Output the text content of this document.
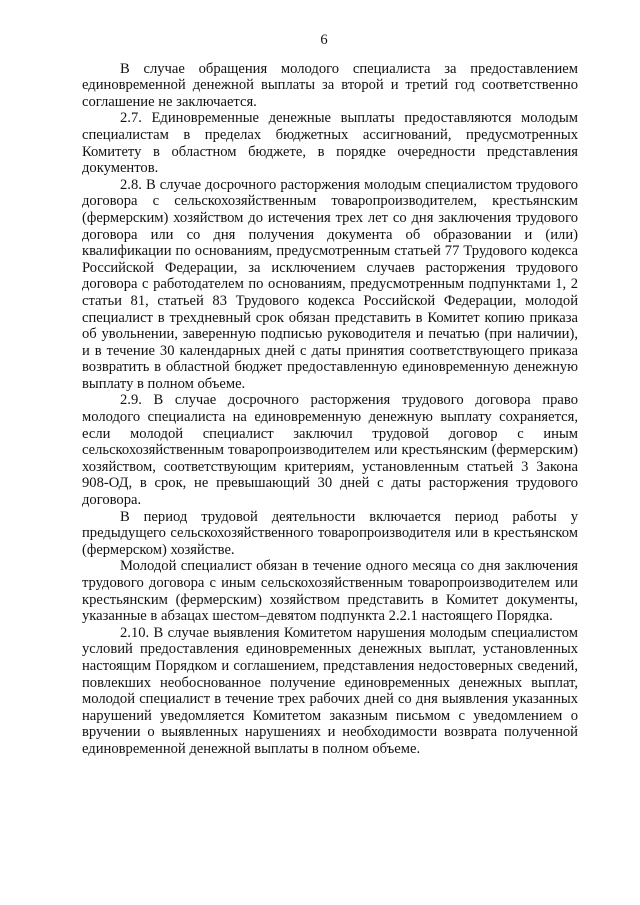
6

В случае обращения молодого специалиста за предоставлением единовременной денежной выплаты за второй и третий год соответственно соглашение не заключается.

2.7. Единовременные денежные выплаты предоставляются молодым специалистам в пределах бюджетных ассигнований, предусмотренных Комитету в областном бюджете, в порядке очередности представления документов.

2.8. В случае досрочного расторжения молодым специалистом трудового договора с сельскохозяйственным товаропроизводителем, крестьянским (фермерским) хозяйством до истечения трех лет со дня заключения трудового договора или со дня получения документа об образовании и (или) квалификации по основаниям, предусмотренным статьей 77 Трудового кодекса Российской Федерации, за исключением случаев расторжения трудового договора с работодателем по основаниям, предусмотренным подпунктами 1, 2 статьи 81, статьей 83 Трудового кодекса Российской Федерации, молодой специалист в трехдневный срок обязан представить в Комитет копию приказа об увольнении, заверенную подписью руководителя и печатью (при наличии), и в течение 30 календарных дней с даты принятия соответствующего приказа возвратить в областной бюджет предоставленную единовременную денежную выплату в полном объеме.

2.9. В случае досрочного расторжения трудового договора право молодого специалиста на единовременную денежную выплату сохраняется, если молодой специалист заключил трудовой договор с иным сельскохозяйственным товаропроизводителем или крестьянским (фермерским) хозяйством, соответствующим критериям, установленным статьей 3 Закона 908-ОД, в срок, не превышающий 30 дней с даты расторжения трудового договора.

В период трудовой деятельности включается период работы у предыдущего сельскохозяйственного товаропроизводителя или в крестьянском (фермерском) хозяйстве.

Молодой специалист обязан в течение одного месяца со дня заключения трудового договора с иным сельскохозяйственным товаропроизводителем или крестьянским (фермерским) хозяйством представить в Комитет документы, указанные в абзацах шестом–девятом подпункта 2.2.1 настоящего Порядка.

2.10. В случае выявления Комитетом нарушения молодым специалистом условий предоставления единовременных денежных выплат, установленных настоящим Порядком и соглашением, представления недостоверных сведений, повлекших необоснованное получение единовременных денежных выплат, молодой специалист в течение трех рабочих дней со дня выявления указанных нарушений уведомляется Комитетом заказным письмом с уведомлением о вручении о выявленных нарушениях и необходимости возврата полученной единовременной денежной выплаты в полном объеме.
